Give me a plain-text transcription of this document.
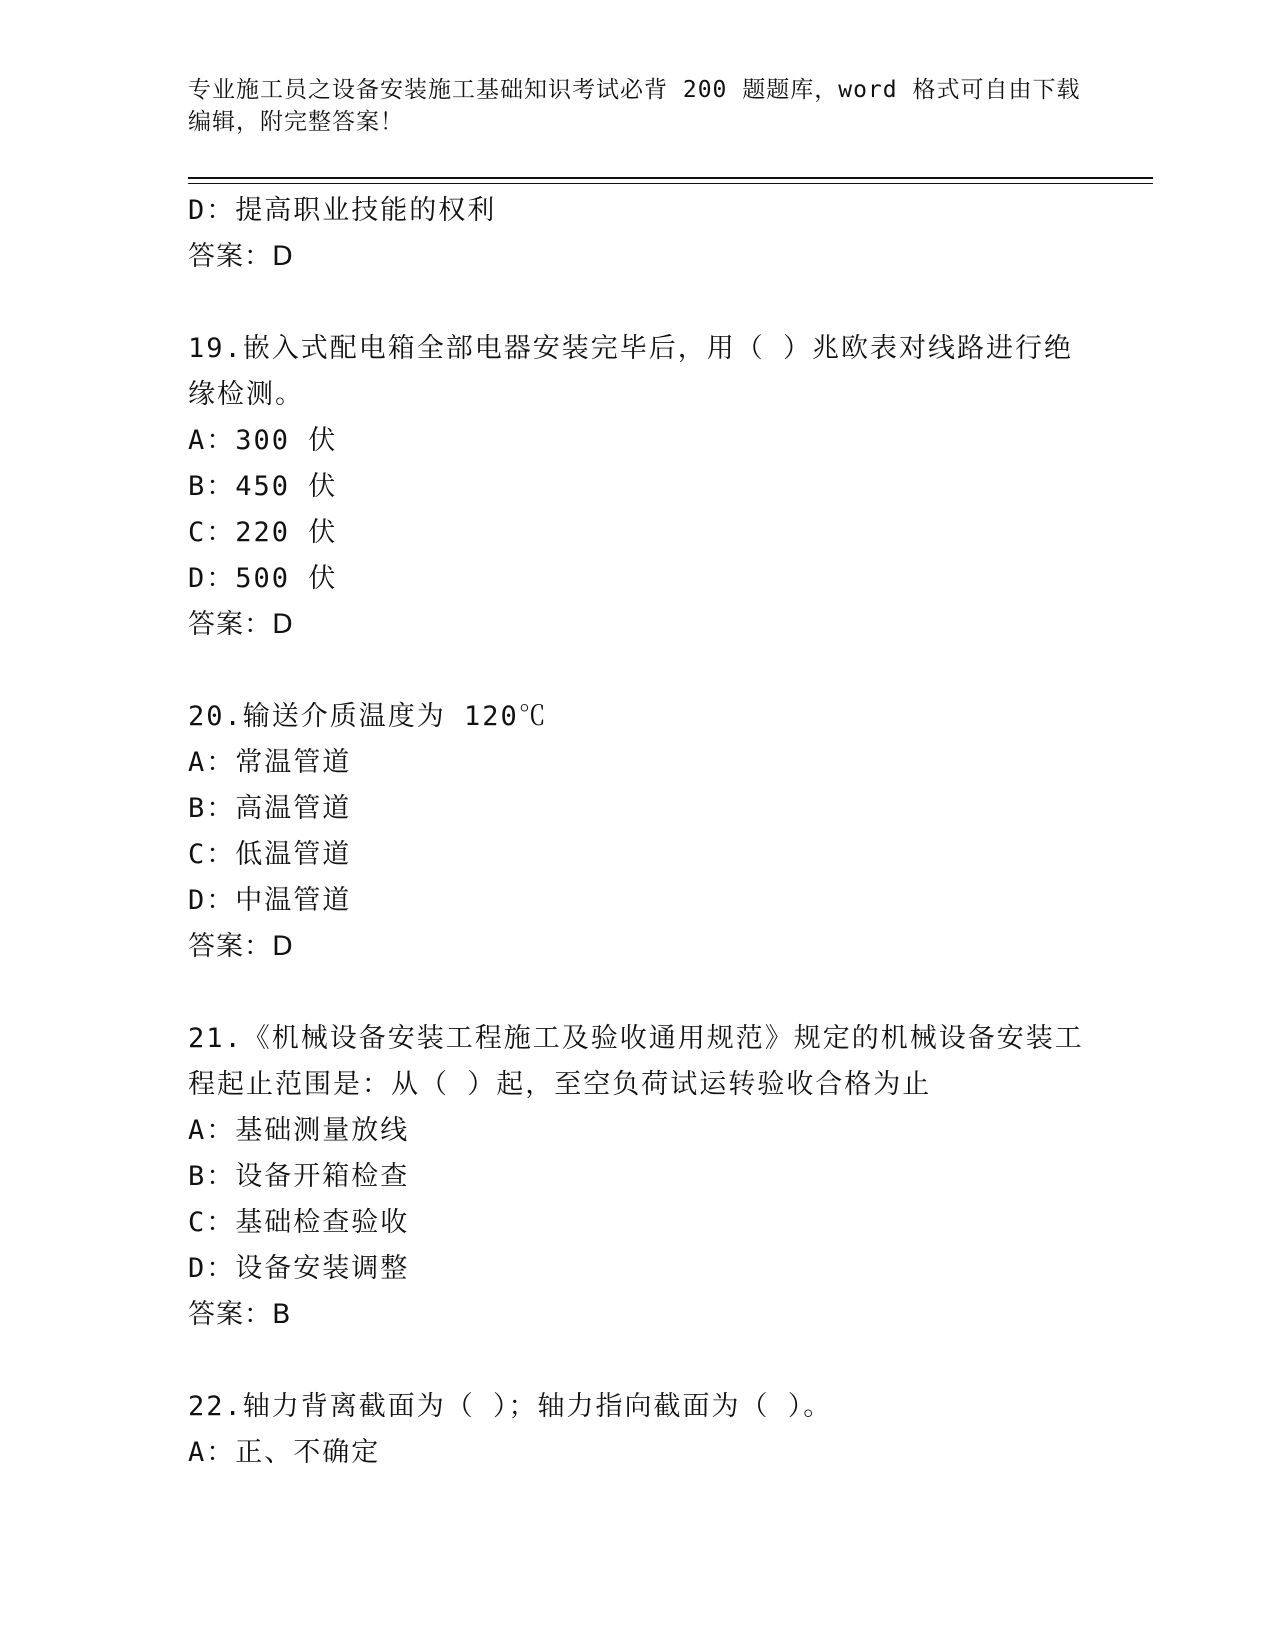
专业施工员之设备安装施工基础知识考试必背 200 题题库，word 格式可自由下载
编辑，附完整答案！
D：提高职业技能的权利
答案：D
19.嵌入式配电箱全部电器安装完毕后，用（ ）兆欧表对线路进行绝
缘检测。
A：300 伏
B：450 伏
C：220 伏
D：500 伏
答案：D
20.输送介质温度为 120℃
A：常温管道
B：高温管道
C：低温管道
D：中温管道
答案：D
21.《机械设备安装工程施工及验收通用规范》规定的机械设备安装工
程起止范围是：从（ ）起，至空负荷试运转验收合格为止
A：基础测量放线
B：设备开箱检查
C：基础检查验收
D：设备安装调整
答案：B
22.轴力背离截面为（ ）；轴力指向截面为（ ）。
A：正、不确定
